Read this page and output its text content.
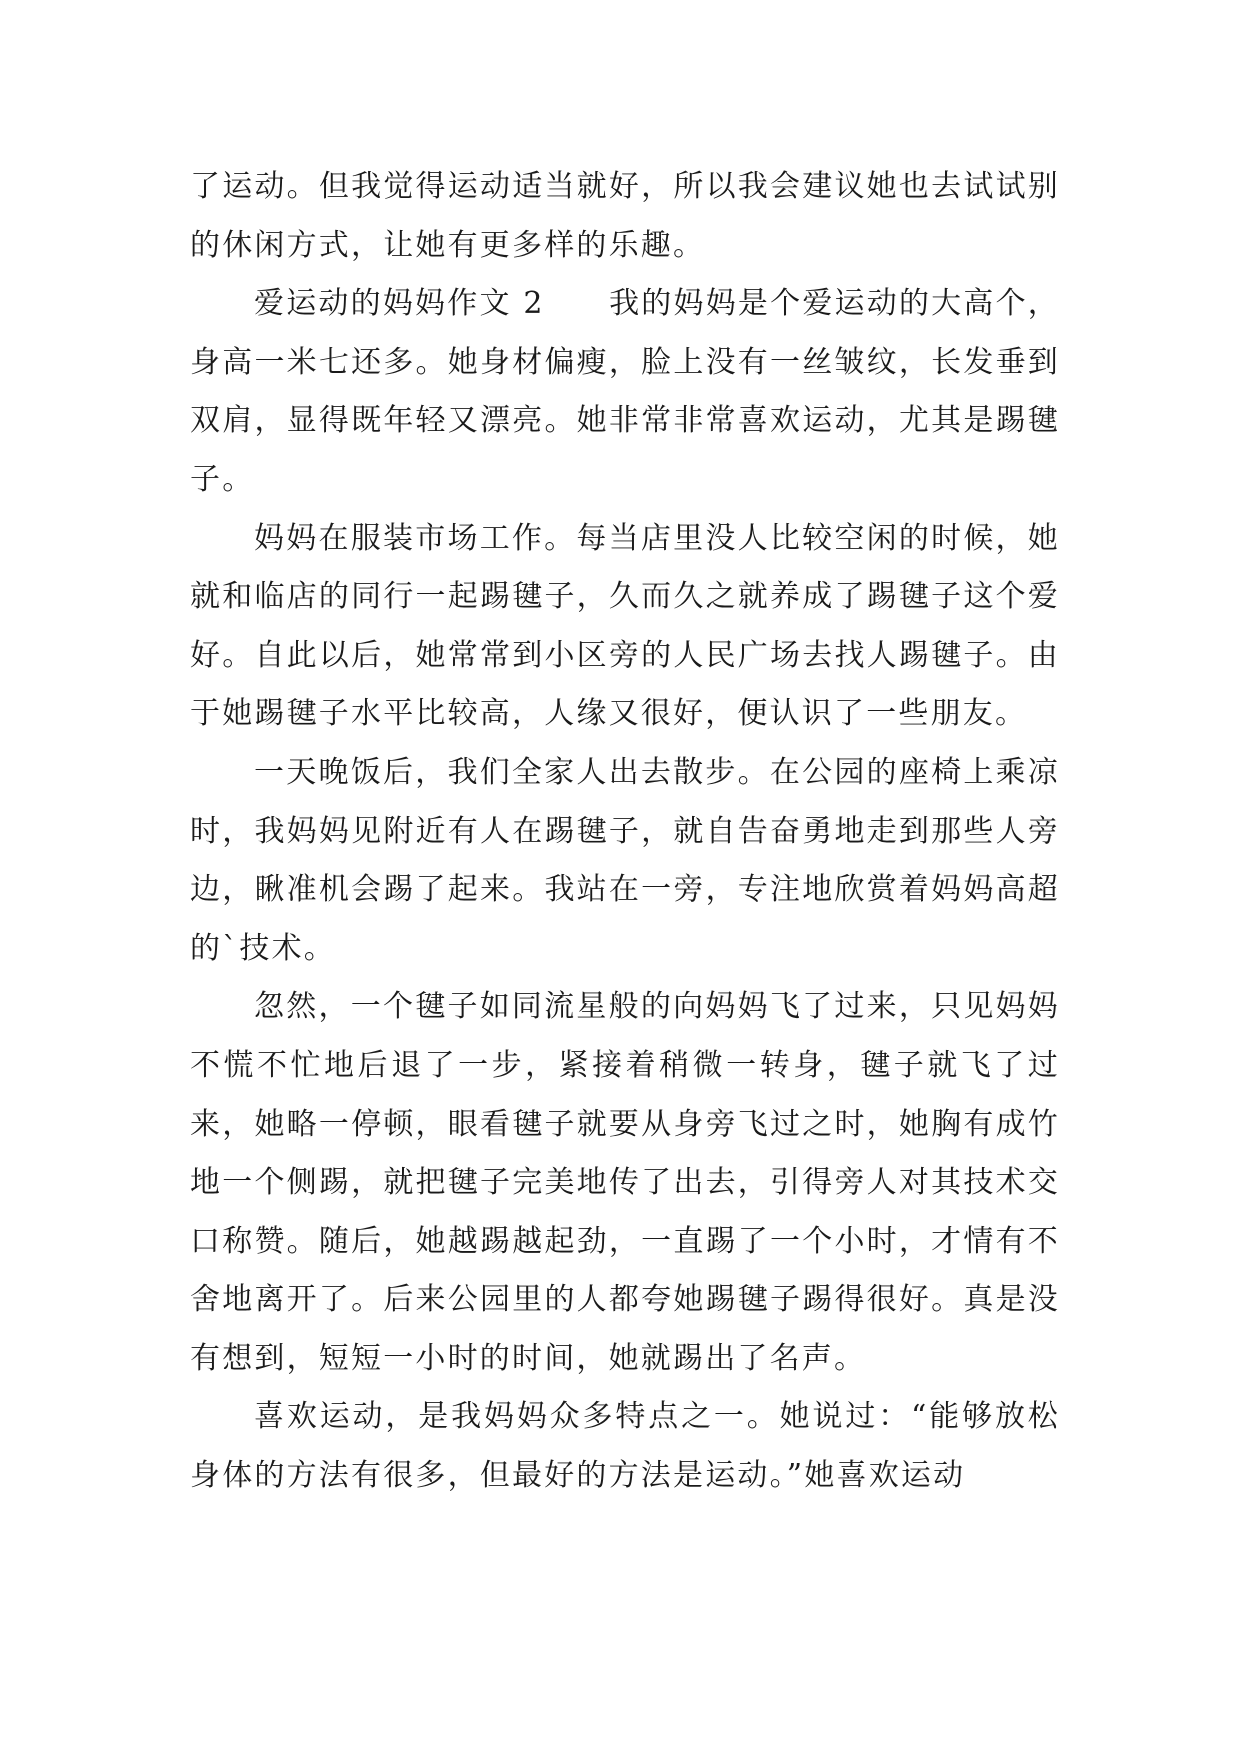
了运动。但我觉得运动适当就好，所以我会建议她也去试试别的休闲方式，让她有更多样的乐趣。

爱运动的妈妈作文 2　　我的妈妈是个爱运动的大高个，身高一米七还多。她身材偏瘦，脸上没有一丝皱纹，长发垂到双肩，显得既年轻又漂亮。她非常非常喜欢运动，尤其是踢毽子。

妈妈在服装市场工作。每当店里没人比较空闲的时候，她就和临店的同行一起踢毽子，久而久之就养成了踢毽子这个爱好。自此以后，她常常到小区旁的人民广场去找人踢毽子。由于她踢毽子水平比较高，人缘又很好，便认识了一些朋友。

一天晚饭后，我们全家人出去散步。在公园的座椅上乘凉时，我妈妈见附近有人在踢毽子，就自告奋勇地走到那些人旁边，瞅准机会踢了起来。我站在一旁，专注地欣赏着妈妈高超的`技术。

忽然，一个毽子如同流星般的向妈妈飞了过来，只见妈妈不慌不忙地后退了一步，紧接着稍微一转身，毽子就飞了过来，她略一停顿，眼看毽子就要从身旁飞过之时，她胸有成竹地一个侧踢，就把毽子完美地传了出去，引得旁人对其技术交口称赞。随后，她越踢越起劲，一直踢了一个小时，才情有不舍地离开了。后来公园里的人都夸她踢毽子踢得很好。真是没有想到，短短一小时的时间，她就踢出了名声。

喜欢运动，是我妈妈众多特点之一。她说过：“能够放松身体的方法有很多，但最好的方法是运动。”她喜欢运动
